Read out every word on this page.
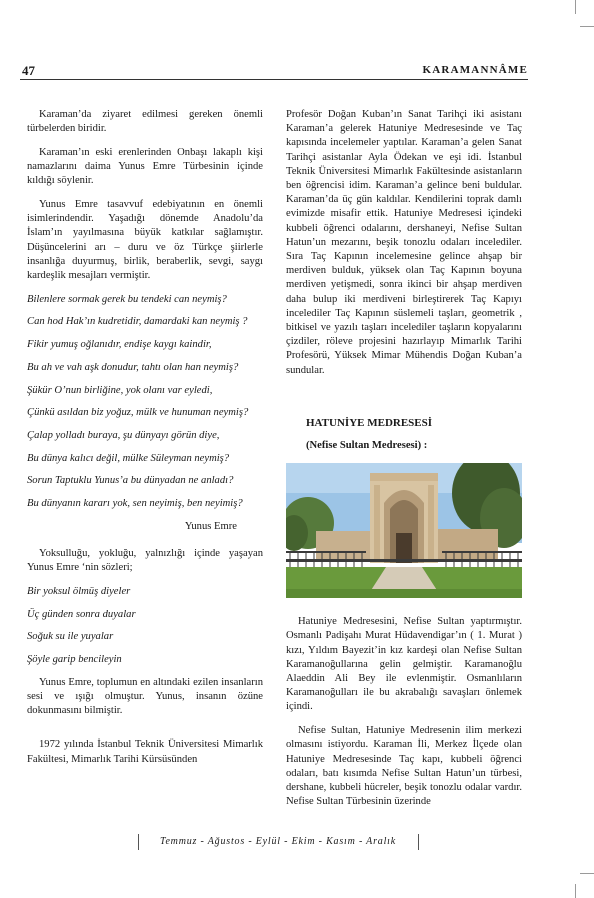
47	KARAMANNÂME

Karaman’da ziyaret edilmesi gereken önemli türbelerden biridir.

Karaman’ın eski erenlerinden Onbaşı lakaplı kişi namazlarını daima Yunus Emre Türbesinin içinde kıldığı söylenir.

Yunus Emre tasavvuf edebiyatının en önemli isimlerindendir. Yaşadığı dönemde Anadolu’da İslam’ın yayılmasına büyük katkılar sağlamıştır. Düşüncelerini arı – duru ve öz Türkçe şiirlerle insanlığa duyurmuş, birlik, beraberlik, sevgi, saygı kardeşlik mesajları vermiştir.

Bilenlere sormak gerek bu tendeki can neymiş?

Can hod Hak’ın kudretidir, damardaki kan neymiş ?

Fikir yumuş oğlanıdır, endişe kaygı kaindir,

Bu ah ve vah aşk donudur, tahtı olan han neymiş?

Şükür O’nun birliğine, yok olanı var eyledi,

Çünkü asıldan biz yoğuz, mülk ve hunuman neymiş?

Çalap yolladı buraya, şu dünyayı görün diye,

Bu dünya kalıcı değil, mülke Süleyman neymiş?

Sorun Taptuklu Yunus’a bu dünyadan ne anladı?

Bu dünyanın kararı yok, sen neyimiş, ben neyimiş?

Yunus Emre

Yoksulluğu, yokluğu, yalnızlığı içinde yaşayan Yunus Emre ‘nin sözleri;

Bir yoksul ölmüş diyeler

Üç günden sonra duyalar

Soğuk su ile yuyalar

Şöyle garip bencileyin

Yunus Emre, toplumun en altındaki ezilen insanların sesi ve ışığı olmuştur. Yunus, insanın özüne dokunmasını bilmiştir.

1972 yılında İstanbul Teknik Üniversitesi Mimarlık Fakültesi, Mimarlık Tarihi Kürsüsünden

Profesör Doğan Kuban’ın Sanat Tarihçi iki asistanı Karaman’a gelerek Hatuniye Medresesinde ve Taç kapısında incelemeler yaptılar. Karaman’a gelen Sanat Tarihçi asistanlar Ayla Ödekan ve eşi idi. İstanbul Teknik Üniversitesi Mimarlık Fakültesinde asistanların ben öğrencisi idim. Karaman’a gelince beni buldular. Karaman’da üç gün kaldılar. Kendilerini toprak damlı evimizde misafir ettik. Hatuniye Medresesi içindeki kubbeli öğrenci odalarını, dershaneyi, Nefise Sultan Hatun’un mezarını, beşik tonozlu odaları incelediler. Sıra Taç Kapının incelemesine gelince ahşap bir merdiven bulduk, yüksek olan Taç Kapının boyuna merdiven yetişmedi, sonra ikinci bir ahşap merdiven daha bulup iki merdiveni birleştirerek Taç Kapıyı incelediler Taç Kapının süslemeli taşları, geometrik , bitkisel ve yazılı taşları incelediler taşların kopyalarını çizdiler, röleve projesini hazırlayıp Mimarlık Tarihi Profesörü, Yüksek Mimar Mühendis Doğan Kuban’a sundular.

HATUNİYE MEDRESESİ
(Nefise Sultan Medresesi) :

Hatuniye Medresesini, Nefise Sultan yaptırmıştır. Osmanlı Padişahı Murat Hüdavendigar’ın ( 1. Murat ) kızı, Yıldım Bayezit’in kız kardeşi olan Nefise Sultan Karamanoğullarına gelin gelmiştir. Karamanoğlu Alaeddin Ali Bey ile evlenmiştir. Osmanlıların Karamanoğulları ile bu akrabalığı savaşları önlemek içindi.

Nefise Sultan, Hatuniye Medresenin ilim merkezi olmasını istiyordu. Karaman İli, Merkez İlçede olan Hatuniye Medresesinde Taç kapı, kubbeli öğrenci odaları, batı kısımda Nefise Sultan Hatun’un türbesi, dershane, kubbeli hücreler, beşik tonozlu odalar vardır. Nefise Sultan Türbesinin üzerinde

Temmuz - Ağustos - Eylül - Ekim - Kasım - Aralık
